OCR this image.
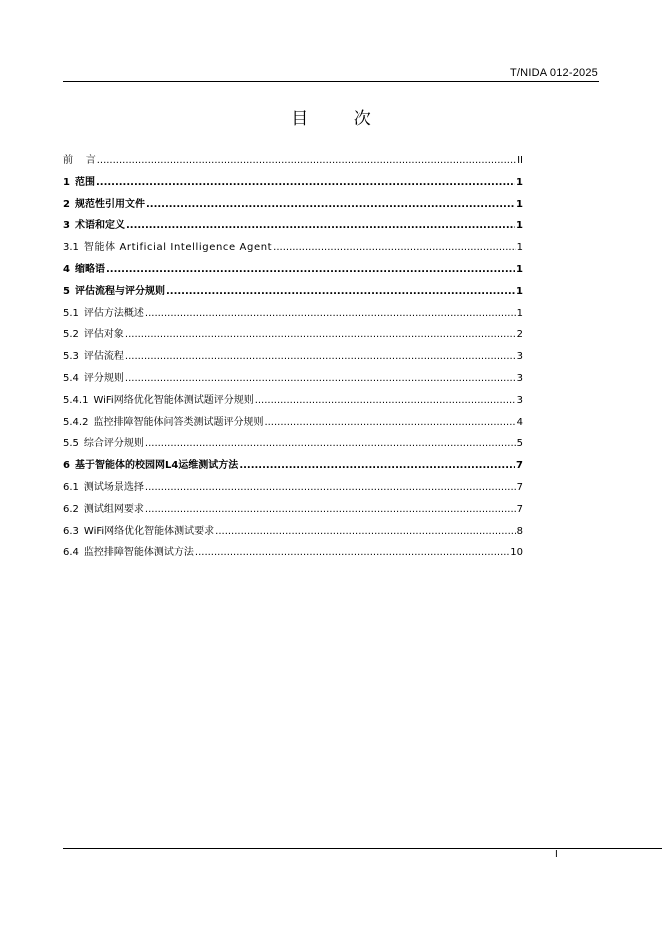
T/NIDA 012-2025
目 次
前    言 .....	II
1 范围 .....	1
2 规范性引用文件 .....	1
3 术语和定义 .....	1
3.1 智能体 Artificial Intelligence Agent .....	1
4 缩略语 .....	1
5 评估流程与评分规则 .....	1
5.1 评估方法概述 .....	1
5.2 评估对象 .....	2
5.3 评估流程 .....	3
5.4 评分规则 .....	3
5.4.1 WiFi网络优化智能体测试题评分规则 .....	3
5.4.2 监控排障智能体问答类测试题评分规则 .....	4
5.5 综合评分规则 .....	5
6 基于智能体的校园网L4运维测试方法 .....	7
6.1 测试场景选择 .....	7
6.2 测试组网要求 .....	7
6.3 WiFi网络优化智能体测试要求 .....	8
6.4 监控排障智能体测试方法 .....	10
I
